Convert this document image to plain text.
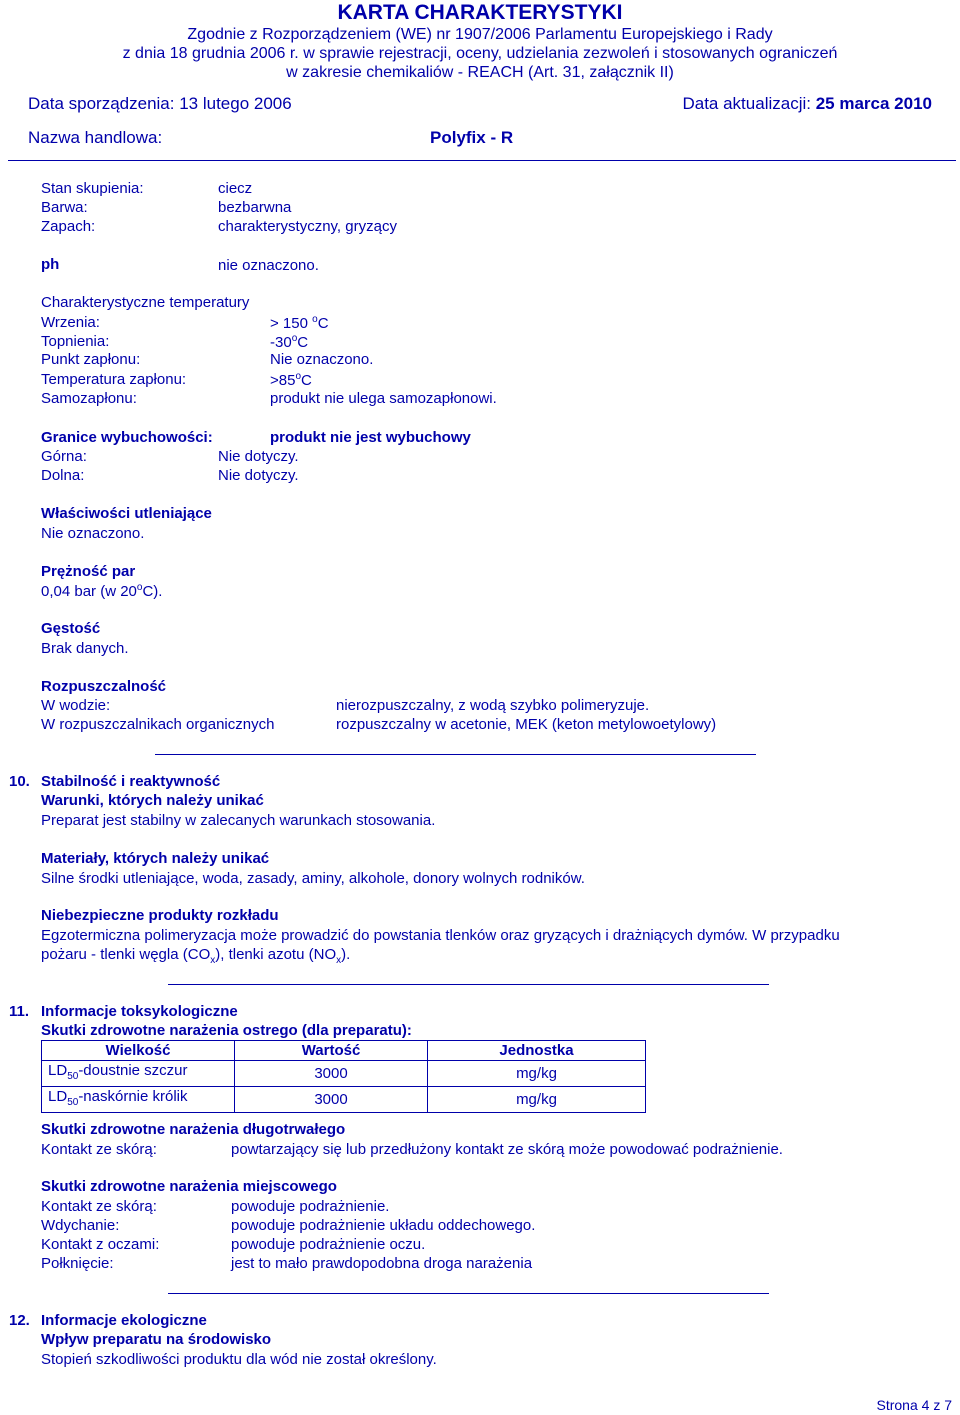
KARTA CHARAKTERYSTYKI
Zgodnie z Rozporządzeniem (WE) nr 1907/2006 Parlamentu Europejskiego i Rady
z dnia 18 grudnia 2006 r. w sprawie rejestracji, oceny, udzielania zezwoleń i stosowanych ograniczeń
w zakresie chemikaliów - REACH (Art. 31, załącznik II)
Data sporządzenia: 13 lutego 2006	Data aktualizacji: 25 marca 2010
Nazwa handlowa:	Polyfix - R
Stan skupienia:	ciecz
Barwa:	bezbarwna
Zapach:	charakterystyczny, gryzący
ph	nie oznaczono.
Charakterystyczne temperatury
Wrzenia:	> 150 $^o$C
Topnienia:	-30$^o$C
Punkt zapłonu:	Nie oznaczono.
Temperatura zapłonu:	$>85^oC$
Samozapłonu:	produkt nie ulega samozapłonowi.
Granice wybuchowości:	produkt nie jest wybuchowy
Górna:	Nie dotyczy.
Dolna:	Nie dotyczy.
Właściwości utleniające
Nie oznaczono.
Prężność par
0,04 bar (w 20$^o$C).
Gęstość
Brak danych.
Rozpuszczalność
W wodzie:	nierozpuszczalny, z wodą szybko polimeryzuje.
W rozpuszczalnikach organicznych	rozpuszczalny w acetonie, MEK (keton metylowoetylowy)
10. Stabilność i reaktywność
Warunki, których należy unikać
Preparat jest stabilny w zalecanych warunkach stosowania.
Materiały, których należy unikać
Silne środki utleniające, woda, zasady, aminy, alkohole, donory wolnych rodników.
Niebezpieczne produkty rozkładu
Egzotermiczna polimeryzacja może prowadzić do powstania tlenków oraz gryzących i drażniących dymów. W przypadku
pożaru - tlenki węgla $(CO_x)$, tlenki azotu $(NO_x)$.
11. Informacje toksykologiczne
Skutki zdrowotne narażenia ostrego (dla preparatu):
Wielkość	Wartość	Jednostka
$LD_{50}$-doustnie szczur	3000	mg/kg
$LD_{50}$-naskórnie królik	3000	mg/kg
Skutki zdrowotne narażenia długotrwałego
Kontakt ze skórą:	powtarzający się lub przedłużony kontakt ze skórą może powodować podrażnienie.
Skutki zdrowotne narażenia miejscowego
Kontakt ze skórą:	powoduje podrażnienie.
Wdychanie:	powoduje podrażnienie układu oddechowego.
Kontakt z oczami:	powoduje podrażnienie oczu.
Połknięcie:	jest to mało prawdopodobna droga narażenia
12. Informacje ekologiczne
Wpływ preparatu na środowisko
Stopień szkodliwości produktu dla wód nie został określony.
Strona 4 z 7
